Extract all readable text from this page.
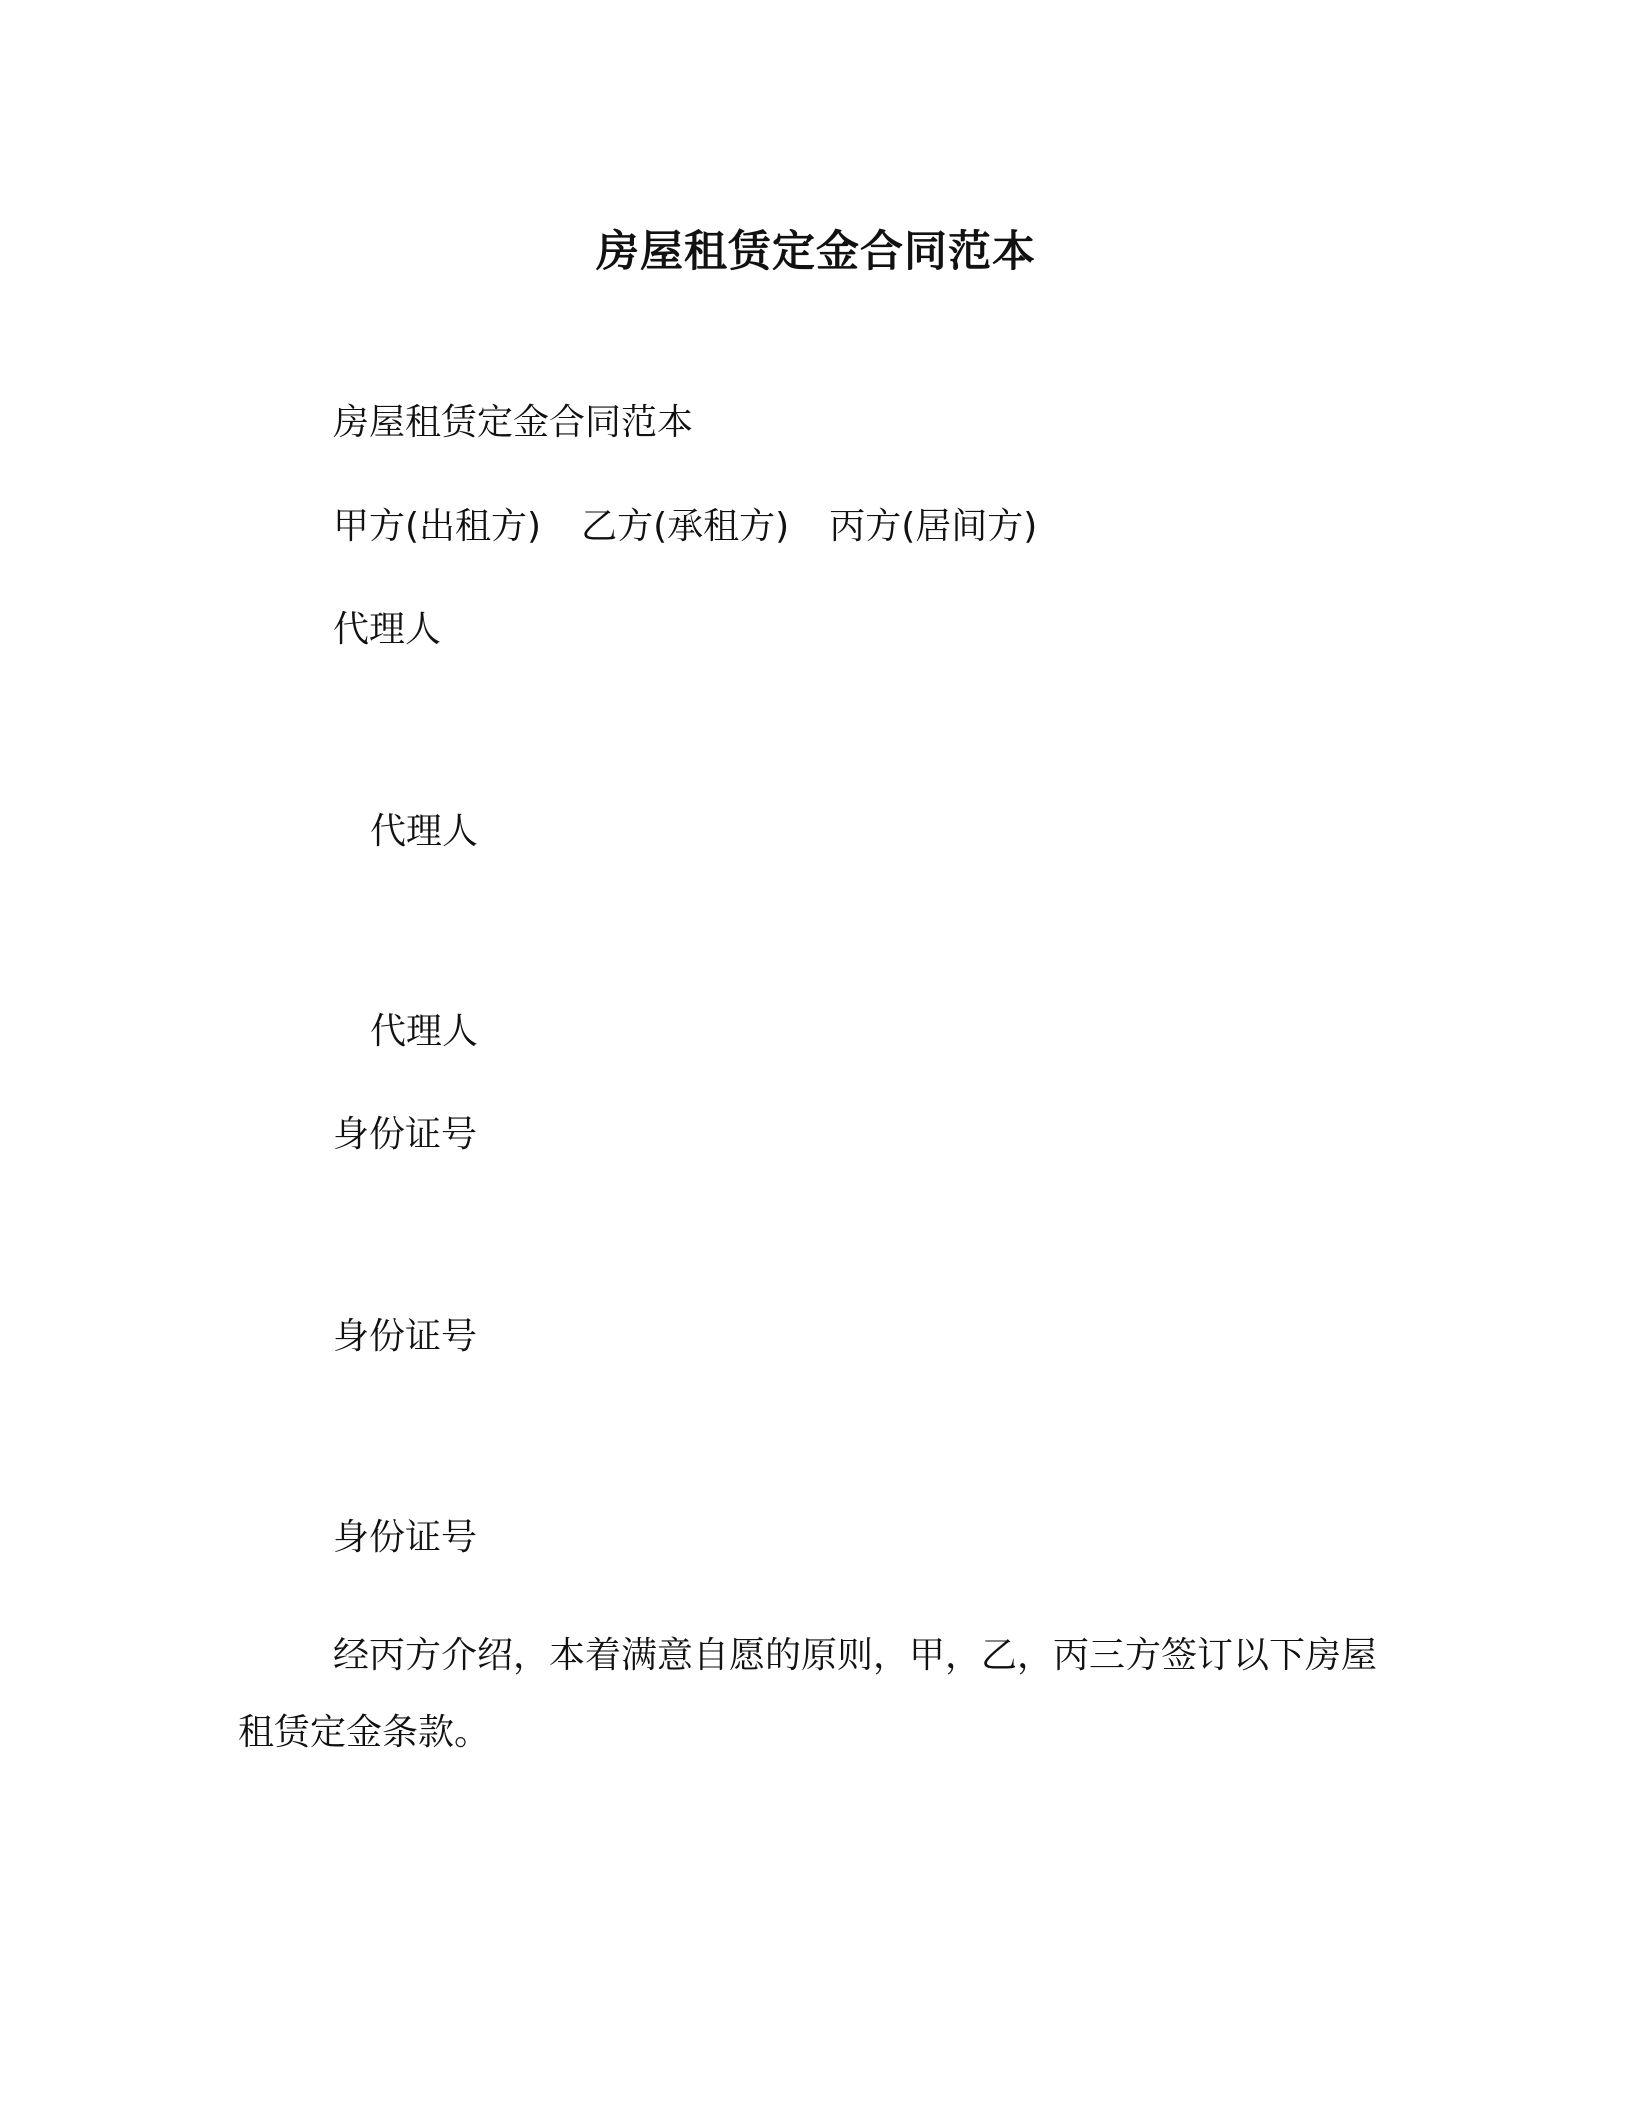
房屋租赁定金合同范本
房屋租赁定金合同范本
甲方(出租方) 乙方(承租方) 丙方(居间方)
代理人
代理人
代理人
身份证号
身份证号
身份证号
经丙方介绍，本着满意自愿的原则，甲，乙，丙三方签订以下房屋租赁定金条款。
